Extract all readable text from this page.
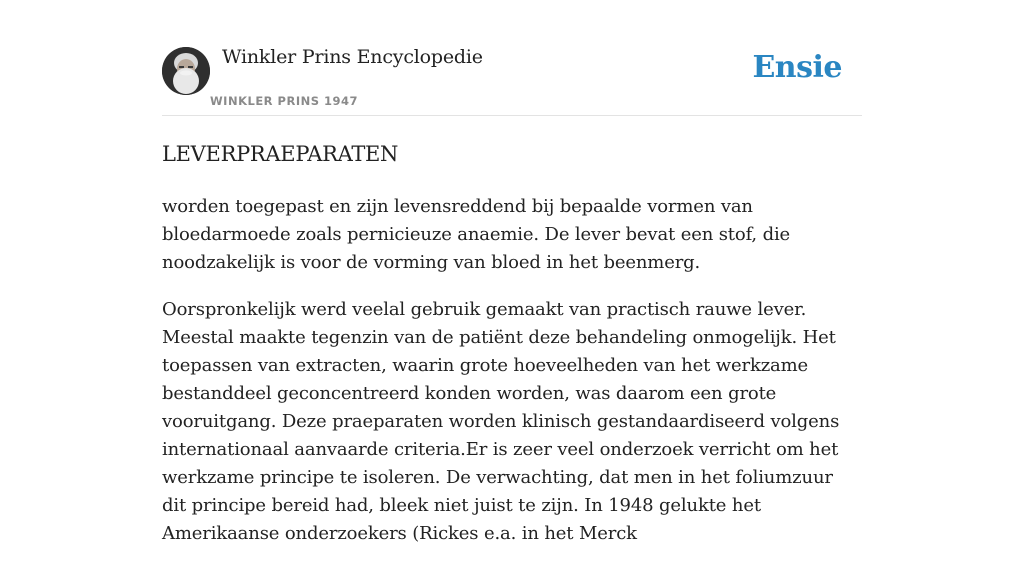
Winkler Prins Encyclopedie
WINKLER PRINS 1947
Ensie
LEVERPRAEPARATEN

worden toegepast en zijn levensreddend bij bepaalde vormen van bloedarmoede zoals pernicieuze anaemie. De lever bevat een stof, die noodzakelijk is voor de vorming van bloed in het beenmerg.

Oorspronkelijk werd veelal gebruik gemaakt van practisch rauwe lever. Meestal maakte tegenzin van de patiënt deze behandeling onmogelijk. Het toepassen van extracten, waarin grote hoeveelheden van het werkzame bestanddeel geconcentreerd konden worden, was daarom een grote vooruitgang. Deze praeparaten worden klinisch gestandaardiseerd volgens internationaal aanvaarde criteria.Er is zeer veel onderzoek verricht om het werkzame principe te isoleren. De verwachting, dat men in het foliumzuur dit principe bereid had, bleek niet juist te zijn. In 1948 gelukte het Amerikaanse onderzoekers (Rickes e.a. in het Merck
